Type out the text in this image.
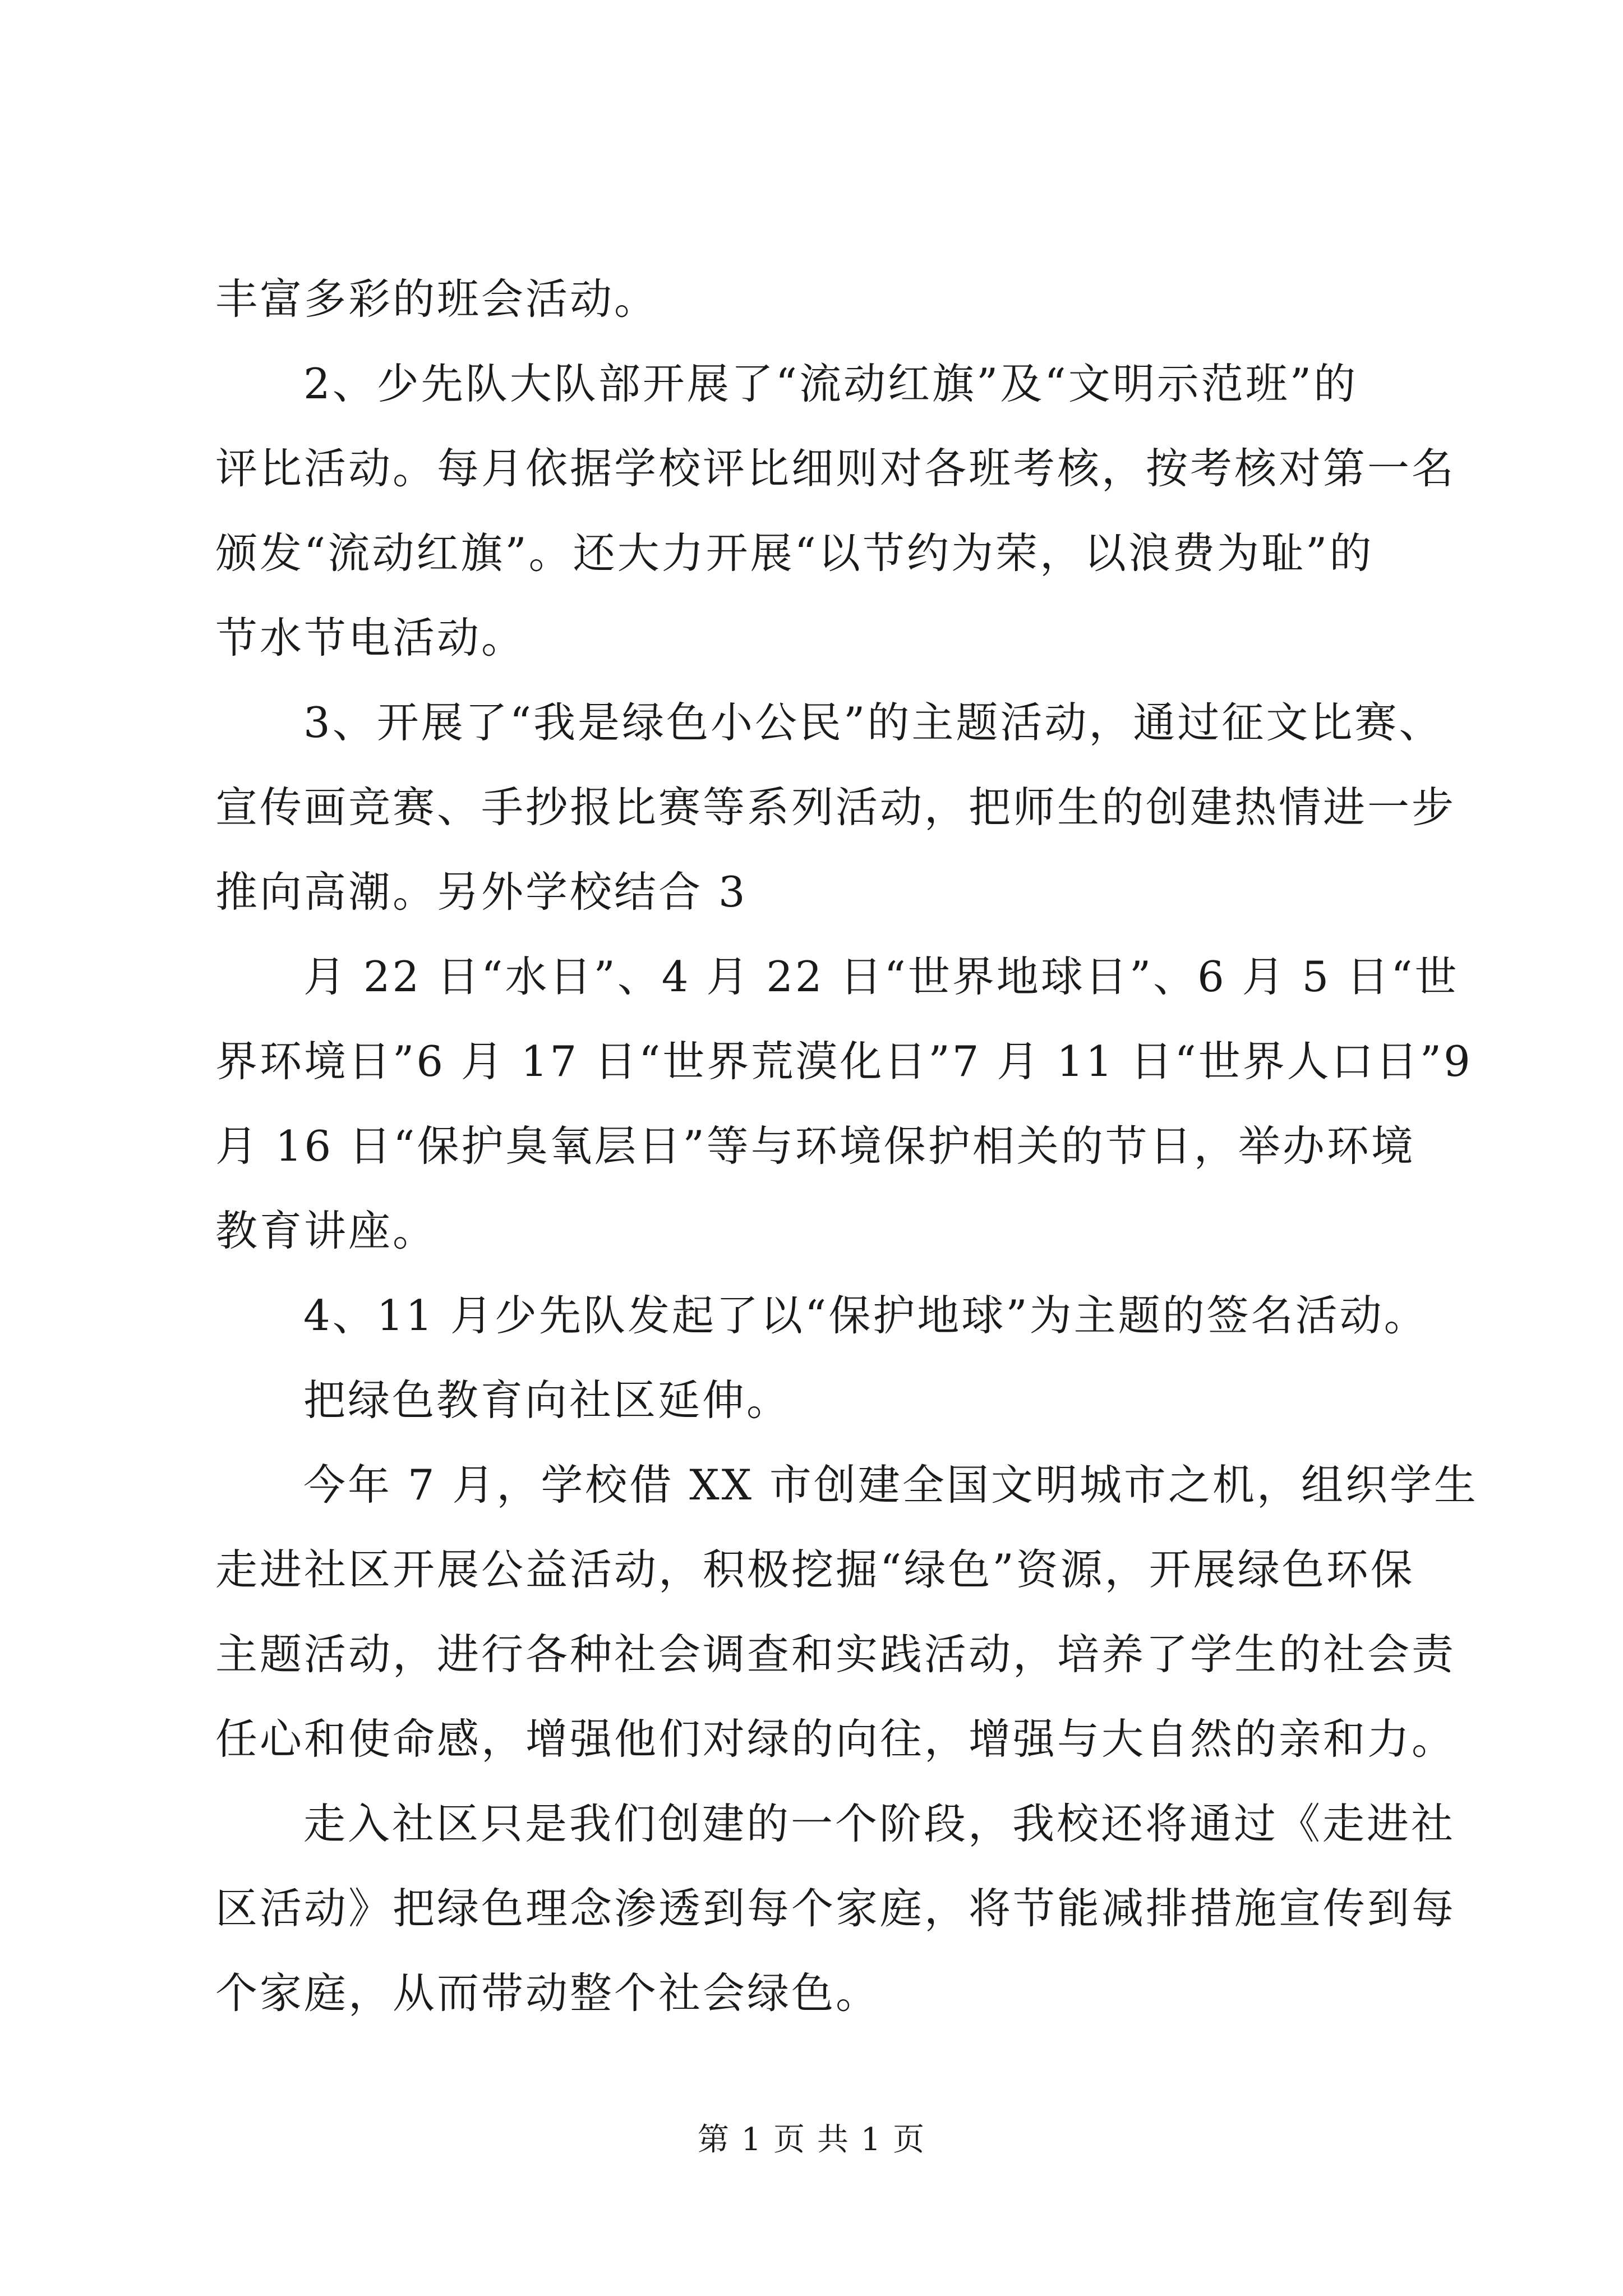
丰富多彩的班会活动。
2、少先队大队部开展了“流动红旗”及“文明示范班”的
评比活动。每月依据学校评比细则对各班考核，按考核对第一名
颁发“流动红旗”。还大力开展“以节约为荣，以浪费为耻”的
节水节电活动。
3、开展了“我是绿色小公民”的主题活动，通过征文比赛、
宣传画竞赛、手抄报比赛等系列活动，把师生的创建热情进一步
推向高潮。另外学校结合 3
月 22 日“水日”、4 月 22 日“世界地球日”、6 月 5 日“世
界环境日”6 月 17 日“世界荒漠化日”7 月 11 日“世界人口日”9
月 16 日“保护臭氧层日”等与环境保护相关的节日，举办环境
教育讲座。
4、11 月少先队发起了以“保护地球”为主题的签名活动。
把绿色教育向社区延伸。
今年 7 月，学校借 XX 市创建全国文明城市之机，组织学生
走进社区开展公益活动，积极挖掘“绿色”资源，开展绿色环保
主题活动，进行各种社会调查和实践活动，培养了学生的社会责
任心和使命感，增强他们对绿的向往，增强与大自然的亲和力。
走入社区只是我们创建的一个阶段，我校还将通过《走进社
区活动》把绿色理念渗透到每个家庭，将节能减排措施宣传到每
个家庭，从而带动整个社会绿色。
第 1 页 共 1 页
